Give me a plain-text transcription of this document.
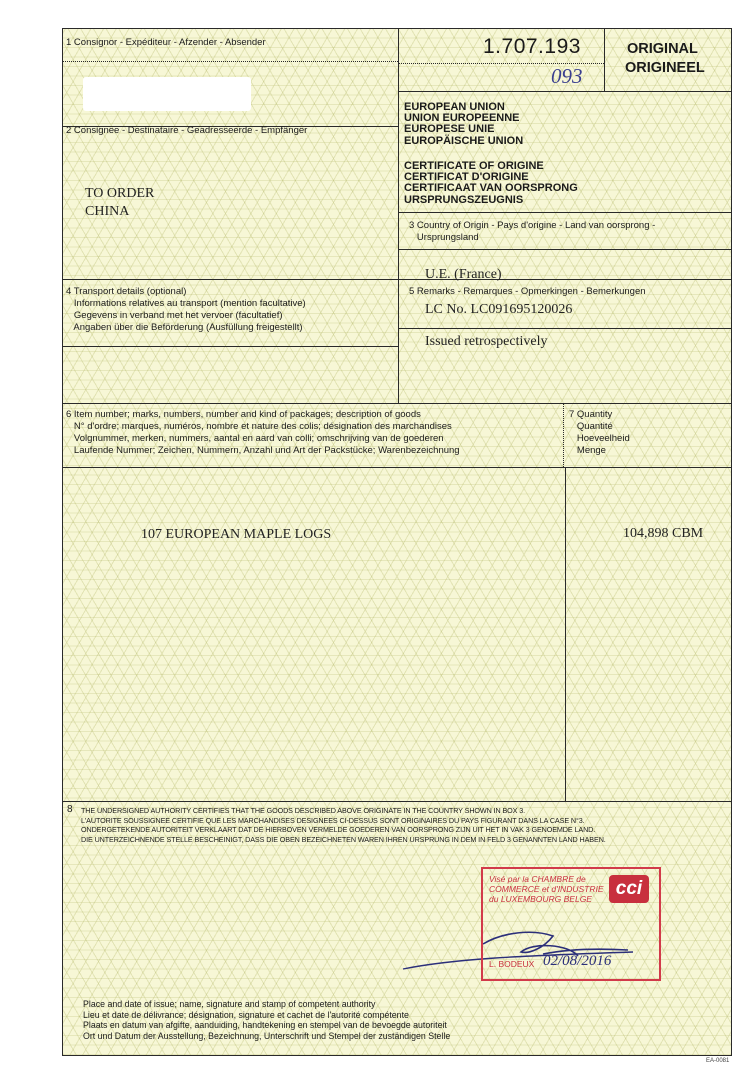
1 Consignor - Expéditeur - Afzender - Absender	1.707.193
093
ORIGINAL
ORIGINEEL
2 Consignee - Destinataire - Geadresseerde - Empfänger
TO ORDER
CHINA
EUROPEAN UNION
UNION EUROPEENNE
EUROPESE UNIE
EUROPÄISCHE UNION
CERTIFICATE OF ORIGINE
CERTIFICAT D'ORIGINE
CERTIFICAAT VAN OORSPRONG
URSPRUNGSZEUGNIS
3 Country of Origin - Pays d'origine - Land van oorsprong -
Ursprungsland
U.E. (France)
4 Transport details (optional)
Informations relatives au transport (mention facultative)
Gegevens in verband met het vervoer (facultatief)
Angaben über die Beförderung (Ausfüllung freigestellt)
5 Remarks - Remarques - Opmerkingen - Bemerkungen
LC No. LC091695120026
Issued retrospectively
6 Item number; marks, numbers, number and kind of packages; description of goods
N° d'ordre; marques, numéros, nombre et nature des colis; désignation des marchandises
Volgnummer, merken, nummers, aantal en aard van colli; omschrijving van de goederen
Laufende Nummer; Zeichen, Nummern, Anzahl und Art der Packstücke; Warenbezeichnung
107 EUROPEAN MAPLE LOGS
7 Quantity
Quantité
Hoeveelheid
Menge
104,898 CBM
8 THE UNDERSIGNED AUTHORITY CERTIFIES THAT THE GOODS DESCRIBED ABOVE ORIGINATE IN THE COUNTRY SHOWN IN BOX 3.
L'AUTORITE SOUSSIGNEE CERTIFIE QUE LES MARCHANDISES DESIGNEES CI-DESSUS SONT ORIGINAIRES DU PAYS FIGURANT DANS LA CASE N°3.
ONDERGETEKENDE AUTORITEIT VERKLAART DAT DE HIERBOVEN VERMELDE GOEDEREN VAN OORSPRONG ZIJN UIT HET IN VAK 3 GENOEMDE LAND.
DIE UNTERZEICHNENDE STELLE BESCHEINIGT, DASS DIE OBEN BEZEICHNETEN WAREN IHREN URSPRUNG IN DEM IN FELD 3 GENANNTEN LAND HABEN.
Visé par la CHAMBRE de
COMMERCE et d'INDUSTRIE
du LUXEMBOURG BELGE	cci
L. BODEUX 02/08/2016
Place and date of issue; name, signature and stamp of competent authority
Lieu et date de délivrance; désignation, signature et cachet de l'autorité compétente
Plaats en datum van afgifte, aanduiding, handtekening en stempel van de bevoegde autoriteit
Ort und Datum der Ausstellung, Bezeichnung, Unterschrift und Stempel der zuständigen Stelle
EA-0081
